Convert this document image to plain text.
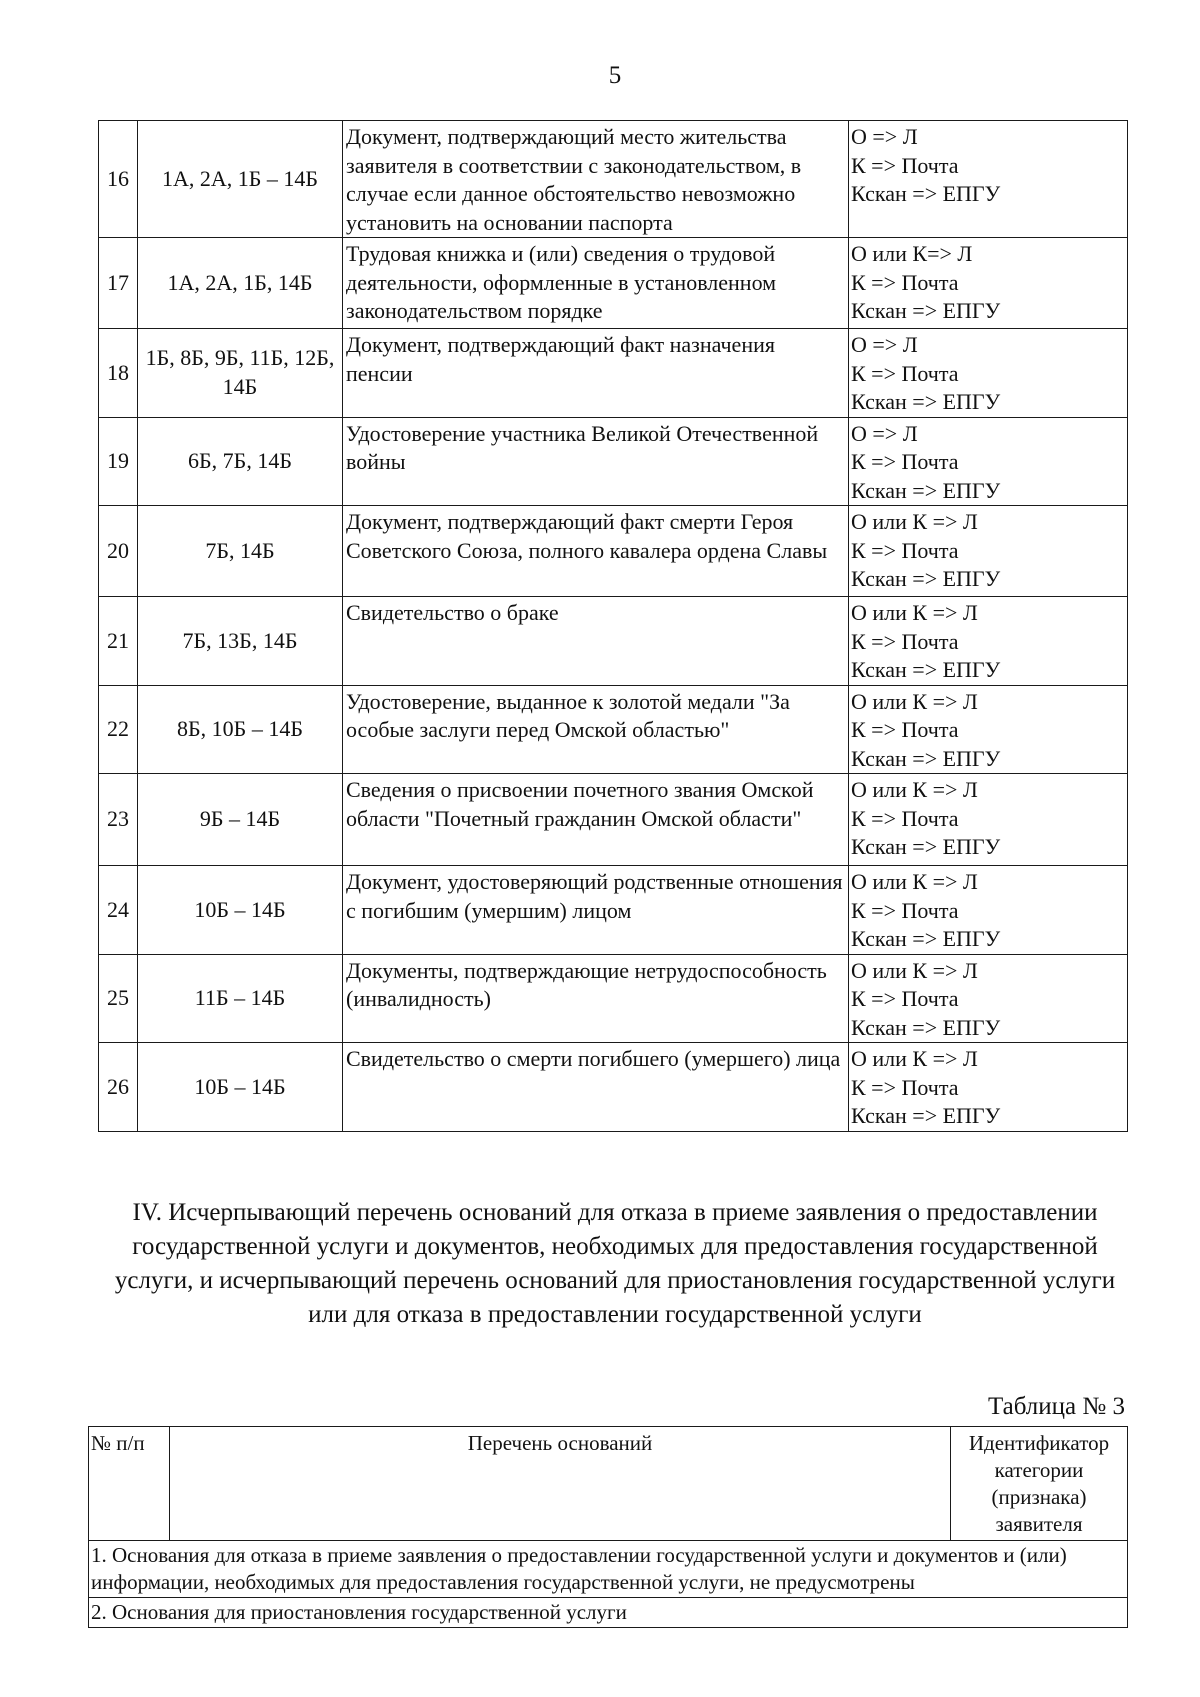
5
16	1А, 2А, 1Б – 14Б	Документ, подтверждающий место жительства заявителя в соответствии с законодательством, в случае если данное обстоятельство невозможно установить на основании паспорта	О => Л
К => Почта
Кскан => ЕПГУ

17	1А, 2А, 1Б, 14Б	Трудовая книжка и (или) сведения о трудовой деятельности, оформленные в установленном законодательством порядке	О или К=> Л
К => Почта
Кскан => ЕПГУ

18	1Б, 8Б, 9Б, 11Б, 12Б, 14Б	Документ, подтверждающий факт назначения пенсии	О => Л
К => Почта
Кскан => ЕПГУ

19	6Б, 7Б, 14Б	Удостоверение участника Великой Отечественной войны	О => Л
К => Почта
Кскан => ЕПГУ

20	7Б, 14Б	Документ, подтверждающий факт смерти Героя Советского Союза, полного кавалера ордена Славы	О или К => Л
К => Почта
Кскан => ЕПГУ

21	7Б, 13Б, 14Б	Свидетельство о браке	О или К => Л
К => Почта
Кскан => ЕПГУ

22	8Б, 10Б – 14Б	Удостоверение, выданное к золотой медали "За особые заслуги перед Омской областью"	О или К => Л
К => Почта
Кскан => ЕПГУ

23	9Б – 14Б	Сведения о присвоении почетного звания Омской области "Почетный гражданин Омской области"	О или К => Л
К => Почта
Кскан => ЕПГУ

24	10Б – 14Б	Документ, удостоверяющий родственные отношения с погибшим (умершим) лицом	О или К => Л
К => Почта
Кскан => ЕПГУ

25	11Б – 14Б	Документы, подтверждающие нетрудоспособность (инвалидность)	О или К => Л
К => Почта
Кскан => ЕПГУ

26	10Б – 14Б	Свидетельство о смерти погибшего (умершего) лица	О или К => Л
К => Почта
Кскан => ЕПГУ
IV. Исчерпывающий перечень оснований для отказа в приеме заявления о предоставлении государственной услуги и документов, необходимых для предоставления государственной услуги, и исчерпывающий перечень оснований для приостановления государственной услуги или для отказа в предоставлении государственной услуги
Таблица № 3
№ п/п	Перечень оснований	Идентификатор категории (признака) заявителя
1. Основания для отказа в приеме заявления о предоставлении государственной услуги и документов и (или) информации, необходимых для предоставления государственной услуги, не предусмотрены
2. Основания для приостановления государственной услуги
